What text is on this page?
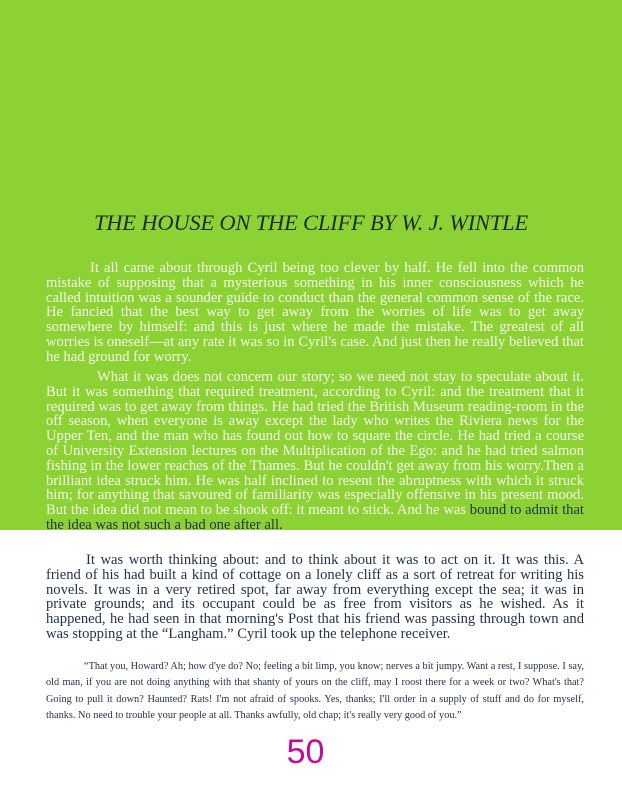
THE HOUSE ON THE CLIFF BY W. J. WINTLE

It all came about through Cyril being too clever by half. He fell into the common mistake of supposing that a mysterious something in his inner consciousness which he called intuition was a sounder guide to conduct than the general common sense of the race. He fancied that the best way to get away from the worries of life was to get away somewhere by himself: and this is just where he made the mistake. The greatest of all worries is oneself—at any rate it was so in Cyril's case. And just then he really believed that he had ground for worry.

What it was does not concern our story; so we need not stay to speculate about it. But it was something that required treatment, according to Cyril: and the treatment that it required was to get away from things. He had tried the British Museum reading-room in the off season, when everyone is away except the lady who writes the Riviera news for the Upper Ten, and the man who has found out how to square the circle. He had tried a course of University Extension lectures on the Multiplication of the Ego: and he had tried salmon fishing in the lower reaches of the Thames. But he couldn't get away from his worry.Then a brilliant idea struck him. He was half inclined to resent the abruptness with which it struck him; for anything that savoured of familiarity was especially offensive in his present mood. But the idea did not mean to be shook off: it meant to stick. And he was bound to admit that the idea was not such a bad one after all.

It was worth thinking about: and to think about it was to act on it. It was this. A friend of his had built a kind of cottage on a lonely cliff as a sort of retreat for writing his novels. It was in a very retired spot, far away from everything except the sea; it was in private grounds; and its occupant could be as free from visitors as he wished. As it happened, he had seen in that morning's Post that his friend was passing through town and was stopping at the “Langham.” Cyril took up the telephone receiver.

“That you, Howard? Ah; how d'ye do? No; feeling a bit limp, you know; nerves a bit jumpy. Want a rest, I suppose. I say, old man, if you are not doing anything with that shanty of yours on the cliff, may I roost there for a week or two? What's that? Going to pull it down? Haunted? Rats! I'm not afraid of spooks. Yes, thanks; I'll order in a supply of stuff and do for myself, thanks. No need to trouble your people at all. Thanks awfully, old chap; it's really very good of you.”

50
